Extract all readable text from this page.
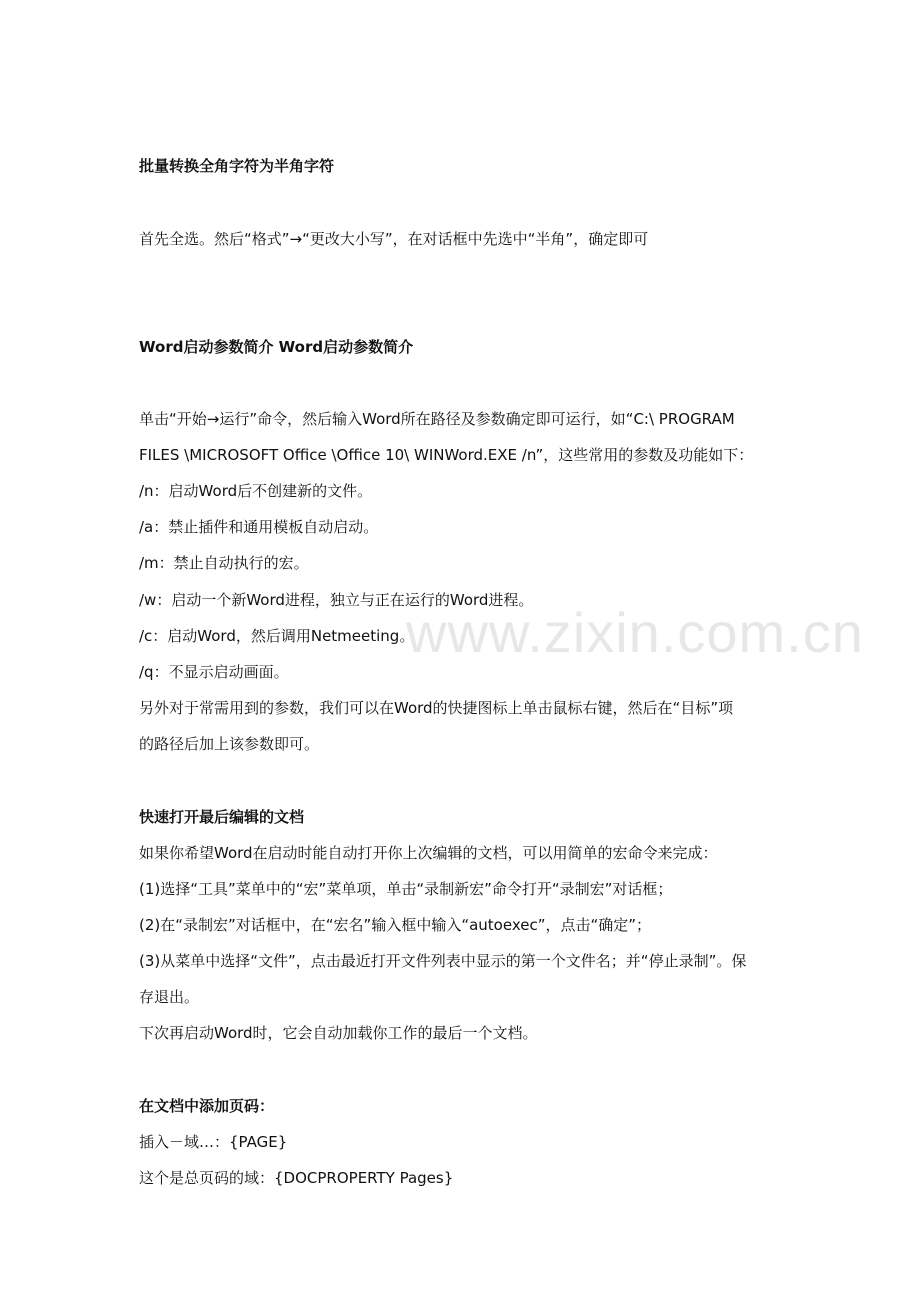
批量转换全角字符为半角字符
首先全选。然后“格式”→“更改大小写”，在对话框中先选中“半角”，确定即可
Word启动参数简介 Word启动参数简介
单击“开始→运行”命令，然后输入Word所在路径及参数确定即可运行，如“C:\ PROGRAM
FILES \MICROSOFT Office \Office 10\ WINWord.EXE /n”，这些常用的参数及功能如下：
/n：启动Word后不创建新的文件。
/a：禁止插件和通用模板自动启动。
/m：禁止自动执行的宏。
/w：启动一个新Word进程，独立与正在运行的Word进程。
/c：启动Word，然后调用Netmeeting。
/q：不显示启动画面。
另外对于常需用到的参数，我们可以在Word的快捷图标上单击鼠标右键，然后在“目标”项
的路径后加上该参数即可。
快速打开最后编辑的文档
如果你希望Word在启动时能自动打开你上次编辑的文档，可以用简单的宏命令来完成：
(1)选择“工具”菜单中的“宏”菜单项，单击“录制新宏”命令打开“录制宏”对话框；
(2)在“录制宏”对话框中，在“宏名”输入框中输入“autoexec”，点击“确定”；
(3)从菜单中选择“文件”，点击最近打开文件列表中显示的第一个文件名；并“停止录制”。保
存退出。
下次再启动Word时，它会自动加载你工作的最后一个文档。
在文档中添加页码：
插入－域…：{PAGE}
这个是总页码的域：{DOCPROPERTY Pages}
www.zixin.com.cn
